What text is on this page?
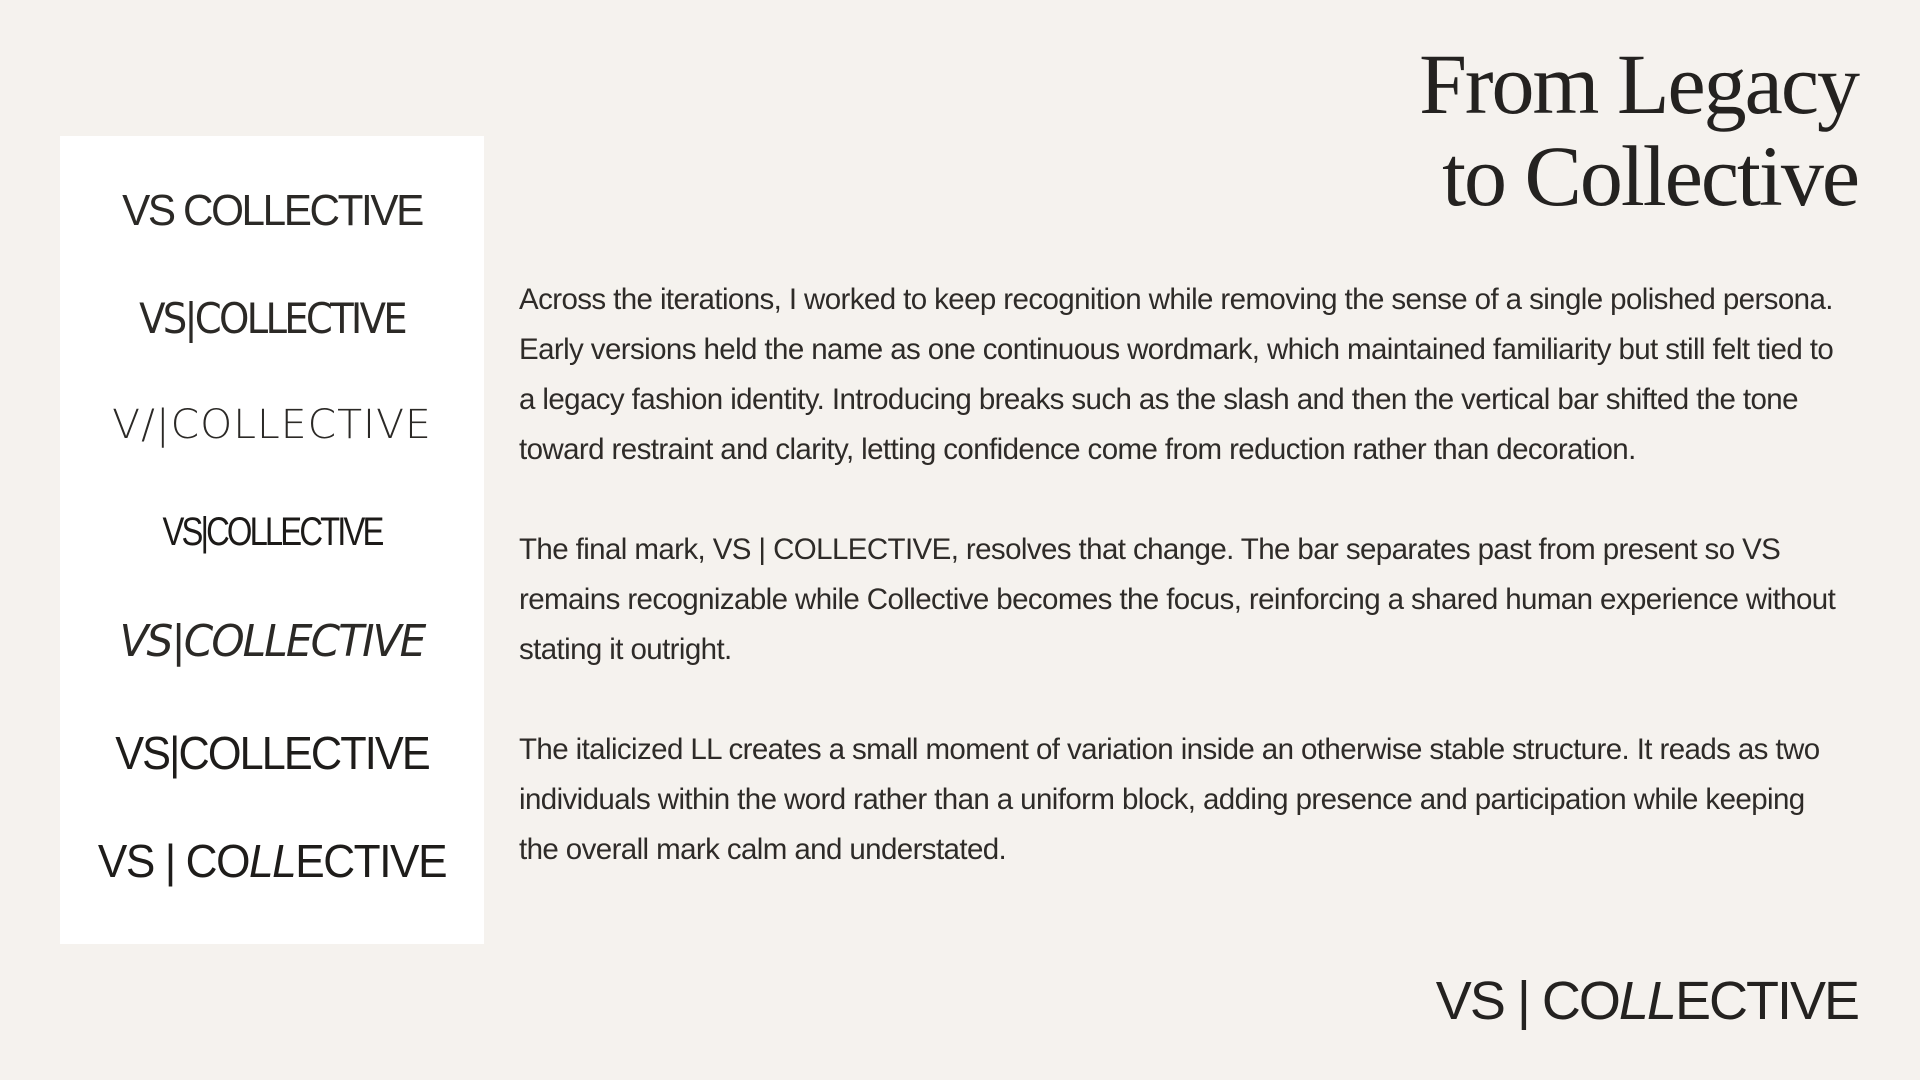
From Legacy
to Collective
VS COLLECTIVE
VS|COLLECTIVE
V/|COLLECTIVE
VS|COLLECTIVE
VS|COLLECTIVE
VS|COLLECTIVE
VS | COLLECTIVE

Across the iterations, I worked to keep recognition while removing the sense of a single polished persona. Early versions held the name as one continuous wordmark, which maintained familiarity but still felt tied to a legacy fashion identity. Introducing breaks such as the slash and then the vertical bar shifted the tone toward restraint and clarity, letting confidence come from reduction rather than decoration.

The final mark, VS | COLLECTIVE, resolves that change. The bar separates past from present so VS remains recognizable while Collective becomes the focus, reinforcing a shared human experience without stating it outright.

The italicized LL creates a small moment of variation inside an otherwise stable structure. It reads as two individuals within the word rather than a uniform block, adding presence and participation while keeping the overall mark calm and understated.

VS | COLLECTIVE
